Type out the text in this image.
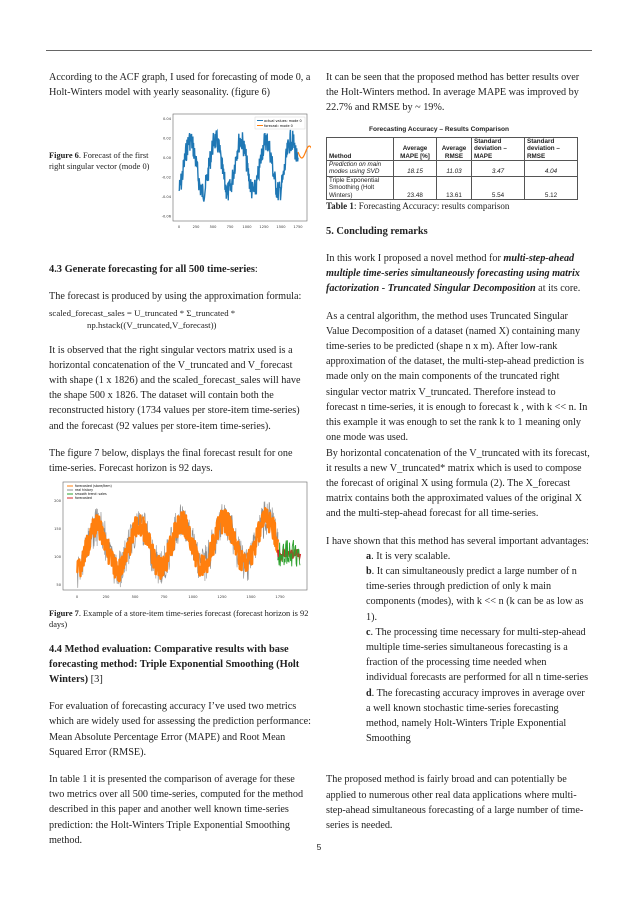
According to the ACF graph, I used for forecasting of mode 0, a Holt-Winters model with yearly seasonality. (figure 6)

Figure 6. Forecast of the first right singular vector (mode 0)
0.04
0.02
0.00
-0.02
-0.04
-0.06
0	250	500	750 1000 1250 1500 1750
actual values: mode 0
forecast: mode 0
4.3 Generate forecasting for all 500 time-series:

The forecast is produced by using the approximation formula:

scaled_forecast_sales = U_truncated * Σ_truncated *
np.hstack((V_truncated,V_forecast))

It is observed that the right singular vectors matrix used is a horizontal concatenation of the V_truncated and V_forecast with shape (1 x 1826) and the scaled_forecast_sales will have the shape 500 x 1826. The dataset will contain both the reconstructed history (1734 values per store-item time-series) and the forecast (92 values per store-item time-series).

The figure 7 below, displays the final forecast result for one time-series. Forecast horizon is 92 days.

200
150
100
50
0	250	500	750	1000	1250	1500	1750
forecasted (store/item)
real history
smooth trend: sales
forecasted

Figure 7. Example of a store-item time-series forecast (forecast horizon is 92 days)

4.4 Method evaluation: Comparative results with base forecasting method: Triple Exponential Smoothing (Holt Winters) [3]

For evaluation of forecasting accuracy I’ve used two metrics which are widely used for assessing the prediction performance: Mean Absolute Percentage Error (MAPE) and Root Mean Squared Error (RMSE).

In table 1 it is presented the comparison of average for these two metrics over all 500 time-series, computed for the method described in this paper and another well known time-series prediction: the Holt-Winters Triple Exponential Smoothing method.

It can be seen that the proposed method has better results over the Holt-Winters method. In average MAPE was improved by 22.7% and RMSE by ~ 19%.

Forecasting Accuracy – Results Comparison
Method	Average MAPE [%]	Average RMSE	Standard deviation – MAPE	Standard deviation – RMSE
Prediction on main modes using SVD	18.15	11.03	3.47	4.04
Triple Exponential Smoothing (Holt Winters)	23.48	13.61	5.54	5.12

Table 1: Forecasting Accuracy: results comparison

5. Concluding remarks

In this work I proposed a novel method for multi-step-ahead multiple time-series simultaneously forecasting using matrix factorization - Truncated Singular Decomposition at its core.

As a central algorithm, the method uses Truncated Singular Value Decomposition of a dataset (named X) containing many time-series to be predicted (shape n x m). After low-rank approximation of the dataset, the multi-step-ahead prediction is made only on the main components of the truncated right singular vector matrix V_truncated. Therefore instead to forecast n time-series, it is enough to forecast k , with k << n. In this example it was enough to set the rank k to 1 meaning only one mode was used.

By horizontal concatenation of the V_truncated with its forecast, it results a new V_truncated* matrix which is used to compose the forecast of original X using formula (2). The X_forecast matrix contains both the approximated values of the original X and the multi-step-ahead forecast for all time-series.

I have shown that this method has several important advantages:

a. It is very scalable.
b. It can simultaneously predict a large number of n time-series through prediction of only k main components (modes), with k << n (k can be as low as 1).
c. The processing time necessary for multi-step-ahead multiple time-series simultaneous forecasting is a fraction of the processing time needed when individual forecasts are performed for all n time-series
d. The forecasting accuracy improves in average over a well known stochastic time-series forecasting method, namely Holt-Winters Triple Exponential Smoothing

The proposed method is fairly broad and can potentially be applied to numerous other real data applications where multi-step-ahead simultaneous forecasting of a large number of time-series is needed.

5
